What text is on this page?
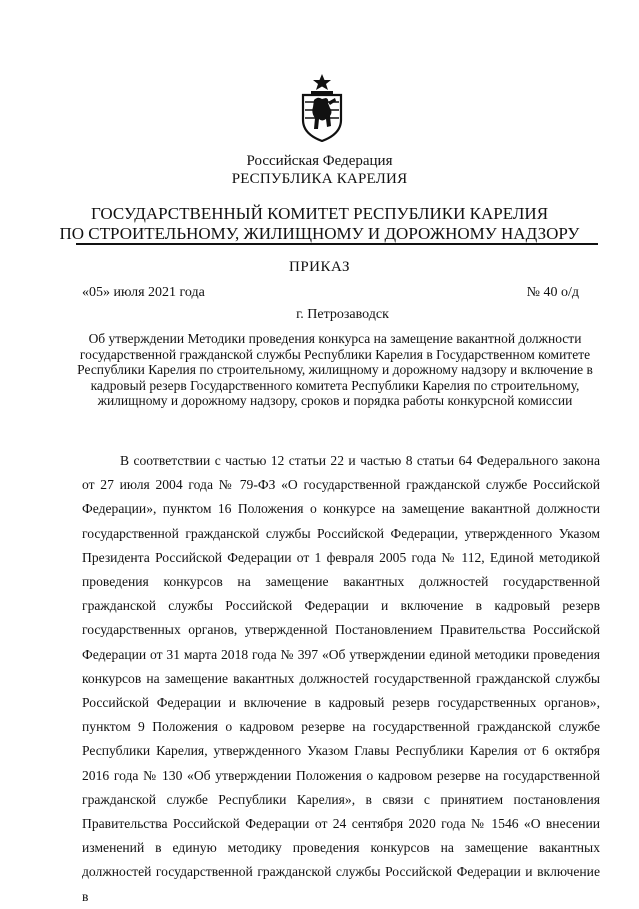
Российская Федерация
РЕСПУБЛИКА КАРЕЛИЯ
ГОСУДАРСТВЕННЫЙ КОМИТЕТ РЕСПУБЛИКИ КАРЕЛИЯ
ПО СТРОИТЕЛЬНОМУ, ЖИЛИЩНОМУ И ДОРОЖНОМУ НАДЗОРУ
ПРИКАЗ
«05» июля 2021 года	№ 40 о/д
г. Петрозаводск
Об утверждении Методики проведения конкурса на замещение вакантной должности государственной гражданской службы Республики Карелия в Государственном комитете Республики Карелия по строительному, жилищному и дорожному надзору и включение в кадровый резерв Государственного комитета Республики Карелия по строительному, жилищному и дорожному надзору, сроков и порядка работы конкурсной комиссии

В соответствии с частью 12 статьи 22 и частью 8 статьи 64 Федерального закона от 27 июля 2004 года № 79-ФЗ «О государственной гражданской службе Российской Федерации», пунктом 16 Положения о конкурсе на замещение вакантной должности государственной гражданской службы Российской Федерации, утвержденного Указом Президента Российской Федерации от 1 февраля 2005 года № 112, Единой методикой проведения конкурсов на замещение вакантных должностей государственной гражданской службы Российской Федерации и включение в кадровый резерв государственных органов, утвержденной Постановлением Правительства Российской Федерации от 31 марта 2018 года № 397 «Об утверждении единой методики проведения конкурсов на замещение вакантных должностей государственной гражданской службы Российской Федерации и включение в кадровый резерв государственных органов», пунктом 9 Положения о кадровом резерве на государственной гражданской службе Республики Карелия, утвержденного Указом Главы Республики Карелия от 6 октября 2016 года № 130 «Об утверждении Положения о кадровом резерве на государственной гражданской службе Республики Карелия», в связи с принятием постановления Правительства Российской Федерации от 24 сентября 2020 года № 1546 «О внесении изменений в единую методику проведения конкурсов на замещение вакантных должностей государственной гражданской службы Российской Федерации и включение в
